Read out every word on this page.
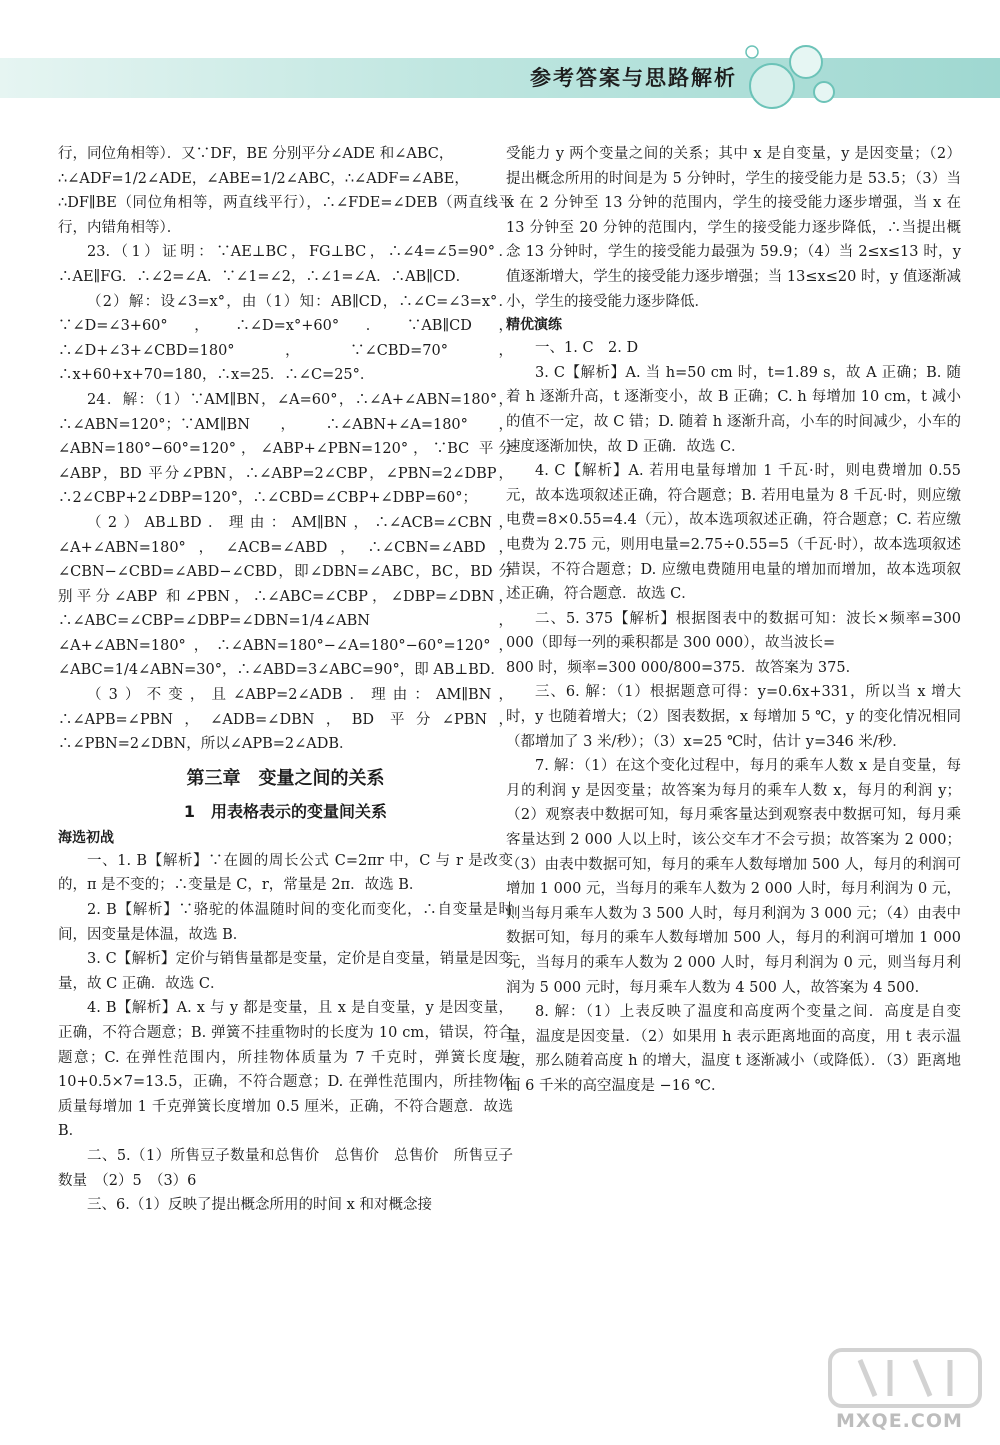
参考答案与思路解析

行，同位角相等）．又∵DF，BE 分别平分∠ADE 和∠ABC，

∴∠ADF=1/2∠ADE，∠ABE=1/2∠ABC，∴∠ADF=∠ABE，

∴DF∥BE（同位角相等，两直线平行），∴∠FDE=∠DEB（两直线平行，内错角相等）．

23.（1）证明：∵AE⊥BC，FG⊥BC，∴∠4=∠5=90°．∴AE∥FG．∴∠2=∠A．∵∠1=∠2，∴∠1=∠A．∴AB∥CD．

（2）解：设∠3=x°，由（1）知：AB∥CD，∴∠C=∠3=x°．∵∠D=∠3+60°，∴∠D=x°+60°．∵AB∥CD，∴∠D+∠3+∠CBD=180°，∵∠CBD=70°，∴x+60+x+70=180，∴x=25．∴∠C=25°．

24．解：（1）∵AM∥BN，∠A=60°，∴∠A+∠ABN=180°，∴∠ABN=120°；∵AM∥BN，∴∠ABN+∠A=180°，∠ABN=180°−60°=120°，∠ABP+∠PBN=120°，∵BC 平分∠ABP，BD 平分∠PBN，∴∠ABP=2∠CBP，∠PBN=2∠DBP，∴2∠CBP+2∠DBP=120°，∴∠CBD=∠CBP+∠DBP=60°；

（2）AB⊥BD．理由：AM∥BN，∴∠ACB=∠CBN，∠A+∠ABN=180°，∠ACB=∠ABD，∴∠CBN=∠ABD，∠CBN−∠CBD=∠ABD−∠CBD，即∠DBN=∠ABC，BC，BD 分别平分∠ABP 和∠PBN，∴∠ABC=∠CBP，∠DBP=∠DBN，∴∠ABC=∠CBP=∠DBP=∠DBN=1/4∠ABN，∠A+∠ABN=180°，∴∠ABN=180°−∠A=180°−60°=120°，∠ABC=1/4∠ABN=30°，∴∠ABD=3∠ABC=90°，即 AB⊥BD．

（3）不变，且∠ABP=2∠ADB．理由：AM∥BN，∴∠APB=∠PBN，∠ADB=∠DBN，BD 平分∠PBN，∴∠PBN=2∠DBN，所以∠APB=2∠ADB．

第三章　变量之间的关系
1　用表格表示的变量间关系
海选初战

一、1. B【解析】∵在圆的周长公式 C=2πr 中，C 与 r 是改变的，π 是不变的；∴变量是 C，r，常量是 2π．故选 B．

2. B【解析】∵骆驼的体温随时间的变化而变化，∴自变量是时间，因变量是体温，故选 B．

3. C【解析】定价与销售量都是变量，定价是自变量，销量是因变量，故 C 正确．故选 C．

4. B【解析】A. x 与 y 都是变量，且 x 是自变量，y 是因变量，正确，不符合题意；B. 弹簧不挂重物时的长度为 10 cm，错误，符合题意；C. 在弹性范围内，所挂物体质量为 7 千克时，弹簧长度是 10+0.5×7=13.5，正确，不符合题意；D. 在弹性范围内，所挂物体质量每增加 1 千克弹簧长度增加 0.5 厘米，正确，不符合题意．故选 B．

二、5.（1）所售豆子数量和总售价　总售价　总售价　所售豆子数量　（2）5　（3）6

三、6.（1）反映了提出概念所用的时间 x 和对概念接

受能力 y 两个变量之间的关系；其中 x 是自变量，y 是因变量；（2）提出概念所用的时间是为 5 分钟时，学生的接受能力是 53.5；（3）当 x 在 2 分钟至 13 分钟的范围内，学生的接受能力逐步增强，当 x 在 13 分钟至 20 分钟的范围内，学生的接受能力逐步降低，∴当提出概念 13 分钟时，学生的接受能力最强为 59.9；（4）当 2≤x≤13 时，y 值逐渐增大，学生的接受能力逐步增强；当 13≤x≤20 时，y 值逐渐减小，学生的接受能力逐步降低．

精优演练

一、1. C　2. D

3. C【解析】A. 当 h=50 cm 时，t=1.89 s，故 A 正确；B. 随着 h 逐渐升高，t 逐渐变小，故 B 正确；C. h 每增加 10 cm，t 减小的值不一定，故 C 错；D. 随着 h 逐渐升高，小车的时间减少，小车的速度逐渐加快，故 D 正确．故选 C．

4. C【解析】A. 若用电量每增加 1 千瓦·时，则电费增加 0.55 元，故本选项叙述正确，符合题意；B. 若用电量为 8 千瓦·时，则应缴电费=8×0.55=4.4（元），故本选项叙述正确，符合题意；C. 若应缴电费为 2.75 元，则用电量=2.75÷0.55=5（千瓦·时），故本选项叙述错误，不符合题意；D. 应缴电费随用电量的增加而增加，故本选项叙述正确，符合题意．故选 C．

二、5. 375【解析】根据图表中的数据可知：波长×频率=300 000（即每一列的乘积都是 300 000），故当波长=

800 时，频率=300 000/800=375．故答案为 375．

三、6. 解：（1）根据题意可得：y=0.6x+331，所以当 x 增大时，y 也随着增大；（2）图表数据，x 每增加 5 ℃，y 的变化情况相同（都增加了 3 米/秒）；（3）x=25 ℃时，估计 y=346 米/秒．

7. 解：（1）在这个变化过程中，每月的乘车人数 x 是自变量，每月的利润 y 是因变量；故答案为每月的乘车人数 x，每月的利润 y；（2）观察表中数据可知，每月乘客量达到观察表中数据可知，每月乘客量达到 2 000 人以上时，该公交车才不会亏损；故答案为 2 000；（3）由表中数据可知，每月的乘车人数每增加 500 人，每月的利润可增加 1 000 元，当每月的乘车人数为 2 000 人时，每月利润为 0 元，则当每月乘车人数为 3 500 人时，每月利润为 3 000 元；（4）由表中数据可知，每月的乘车人数每增加 500 人，每月的利润可增加 1 000 元，当每月的乘车人数为 2 000 人时，每月利润为 0 元，则当每月利润为 5 000 元时，每月乘车人数为 4 500 人，故答案为 4 500．

8. 解：（1）上表反映了温度和高度两个变量之间．高度是自变量，温度是因变量．（2）如果用 h 表示距离地面的高度，用 t 表示温度，那么随着高度 h 的增大，温度 t 逐渐减小（或降低）．（3）距离地面 6 千米的高空温度是 −16 ℃．

MXQE.COM
